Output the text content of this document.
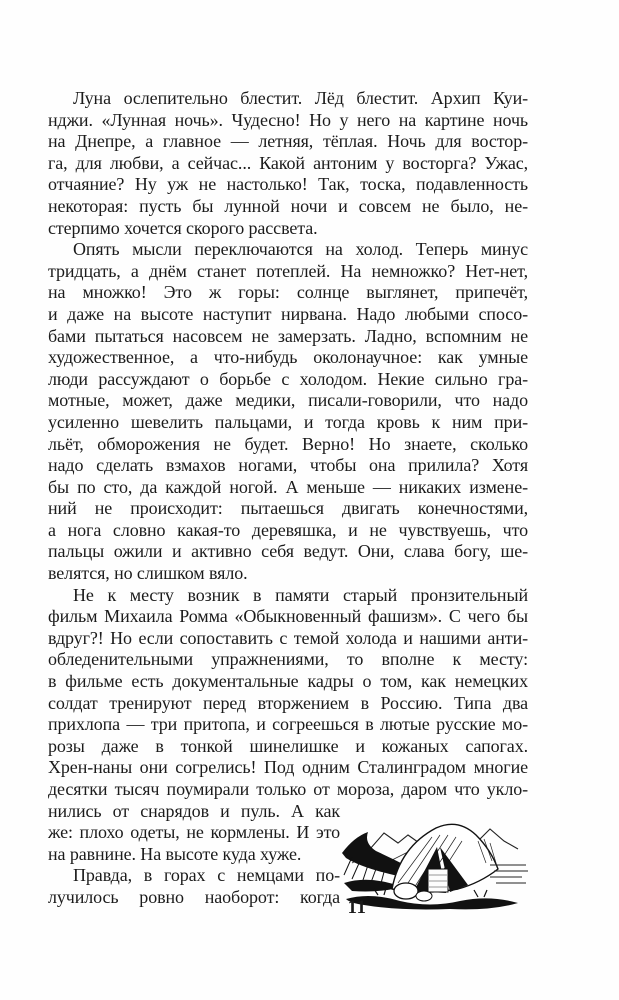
Луна ослепительно блестит. Лёд блестит. Архип Куи-
нджи. «Лунная ночь». Чудесно! Но у него на картине ночь
на Днепре, а главное — летняя, тёплая. Ночь для востор-
га, для любви, а сейчас... Какой антоним у восторга? Ужас,
отчаяние? Ну уж не настолько! Так, тоска, подавленность
некоторая: пусть бы лунной ночи и совсем не было, не-
стерпимо хочется скорого рассвета.
Опять мысли переключаются на холод. Теперь минус
тридцать, а днём станет потеплей. На немножко? Нет-нет,
на множко! Это ж горы: солнце выглянет, припечёт,
и даже на высоте наступит нирвана. Надо любыми спосо-
бами пытаться насовсем не замерзать. Ладно, вспомним не
художественное, а что-нибудь околонаучное: как умные
люди рассуждают о борьбе с холодом. Некие сильно гра-
мотные, может, даже медики, писали-говорили, что надо
усиленно шевелить пальцами, и тогда кровь к ним при-
льёт, обморожения не будет. Верно! Но знаете, сколько
надо сделать взмахов ногами, чтобы она прилила? Хотя
бы по сто, да каждой ногой. А меньше — никаких измене-
ний не происходит: пытаешься двигать конечностями,
а нога словно какая-то деревяшка, и не чувствуешь, что
пальцы ожили и активно себя ведут. Они, слава богу, ше-
велятся, но слишком вяло.
Не к месту возник в памяти старый пронзительный
фильм Михаила Ромма «Обыкновенный фашизм». С чего бы
вдруг?! Но если сопоставить с темой холода и нашими анти-
обледенительными упражнениями, то вполне к месту:
в фильме есть документальные кадры о том, как немецких
солдат тренируют перед вторжением в Россию. Типа два
прихлопа — три притопа, и согреешься в лютые русские мо-
розы даже в тонкой шинелишке и кожаных сапогах.
Хрен-наны они согрелись! Под одним Сталинградом многие
десятки тысяч поумирали только от мороза, даром что укло-
нились от снарядов и пуль. А как
же: плохо одеты, не кормлены. И это
на равнине. На высоте куда хуже.
Правда, в горах с немцами по-
лучилось ровно наоборот: когда
11
